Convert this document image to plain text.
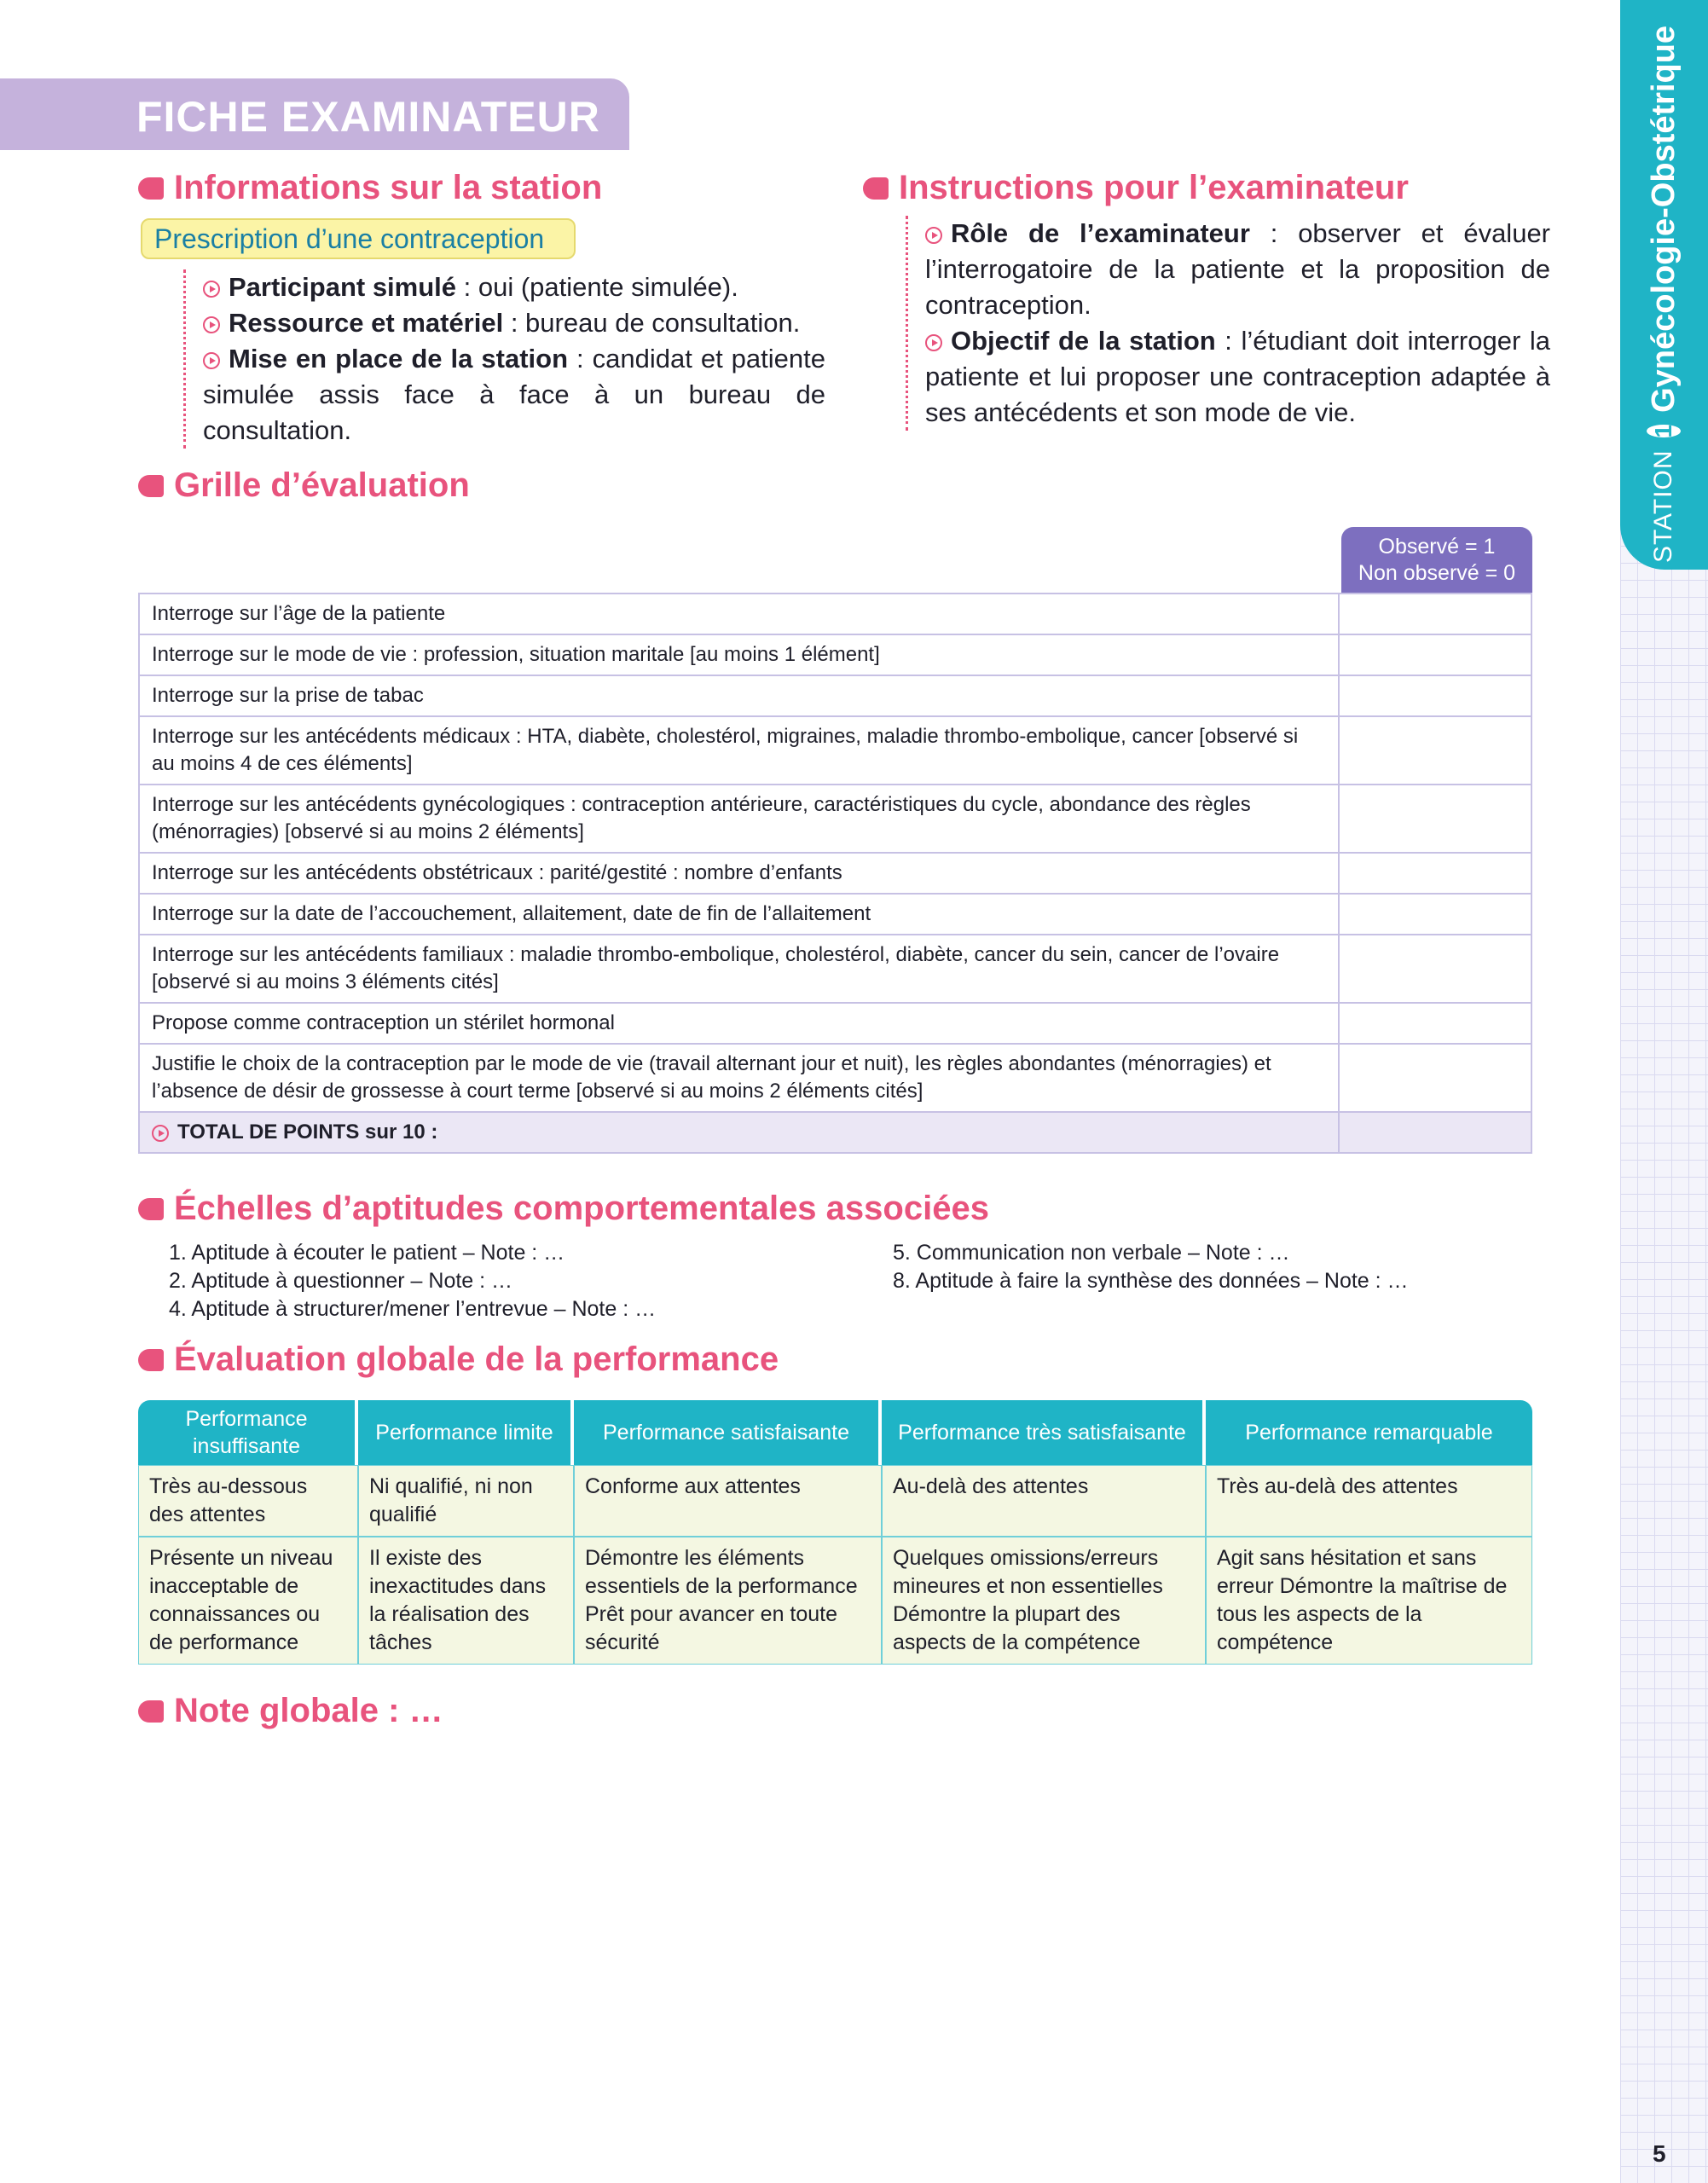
STATION
1
Gynécologie-Obstétrique
5
FICHE EXAMINATEUR
Informations sur la station
Prescription d’une contraception

Participant simulé : oui (patiente simulée).

Ressource et matériel : bureau de consultation.

Mise en place de la station : candidat et patiente simulée assis face à face à un bureau de consultation.

Instructions pour l’examinateur

Rôle de l’examinateur : observer et évaluer l’interrogatoire de la patiente et la proposition de contraception.

Objectif de la station : l’étudiant doit interroger la patiente et lui proposer une contraception adaptée à ses antécédents et son mode de vie.

Grille d’évaluation
Observé = 1
Non observé = 0
Interroge sur l’âge de la patiente	
Interroge sur le mode de vie : profession, situation maritale [au moins 1 élément]	
Interroge sur la prise de tabac	
Interroge sur les antécédents médicaux : HTA, diabète, cholestérol, migraines, maladie thrombo-embolique, cancer [observé si au moins 4 de ces éléments]	
Interroge sur les antécédents gynécologiques : contraception antérieure, caractéristiques du cycle, abondance des règles (ménorragies) [observé si au moins 2 éléments]	
Interroge sur les antécédents obstétricaux : parité/gestité : nombre d’enfants	
Interroge sur la date de l’accouchement, allaitement, date de fin de l’allaitement	
Interroge sur les antécédents familiaux : maladie thrombo-embolique, cholestérol, diabète, cancer du sein, cancer de l’ovaire [observé si au moins 3 éléments cités]	
Propose comme contraception un stérilet hormonal	
Justifie le choix de la contraception par le mode de vie (travail alternant jour et nuit), les règles abondantes (ménorragies) et l’absence de désir de grossesse à court terme [observé si au moins 2 éléments cités]	
TOTAL DE POINTS sur 10 :	
Échelles d’aptitudes comportementales associées
1. Aptitude à écouter le patient – Note : …
2. Aptitude à questionner – Note : …
4. Aptitude à structurer/mener l’entrevue – Note : …
5. Communication non verbale – Note : …
8. Aptitude à faire la synthèse des données – Note : …
Évaluation globale de la performance
Performance insuffisante	Performance limite	Performance satisfaisante	Performance très satisfaisante	Performance remarquable
Très au-dessous des attentes	Ni qualifié, ni non qualifié	Conforme aux attentes	Au-delà des attentes	Très au-delà des attentes
Présente un niveau inacceptable de connaissances ou de performance	Il existe des inexactitudes dans la réalisation des tâches	Démontre les éléments essentiels de la performance Prêt pour avancer en toute sécurité	Quelques omissions/erreurs mineures et non essentielles Démontre la plupart des aspects de la compétence	Agit sans hésitation et sans erreur Démontre la maîtrise de tous les aspects de la compétence
Note globale : …
